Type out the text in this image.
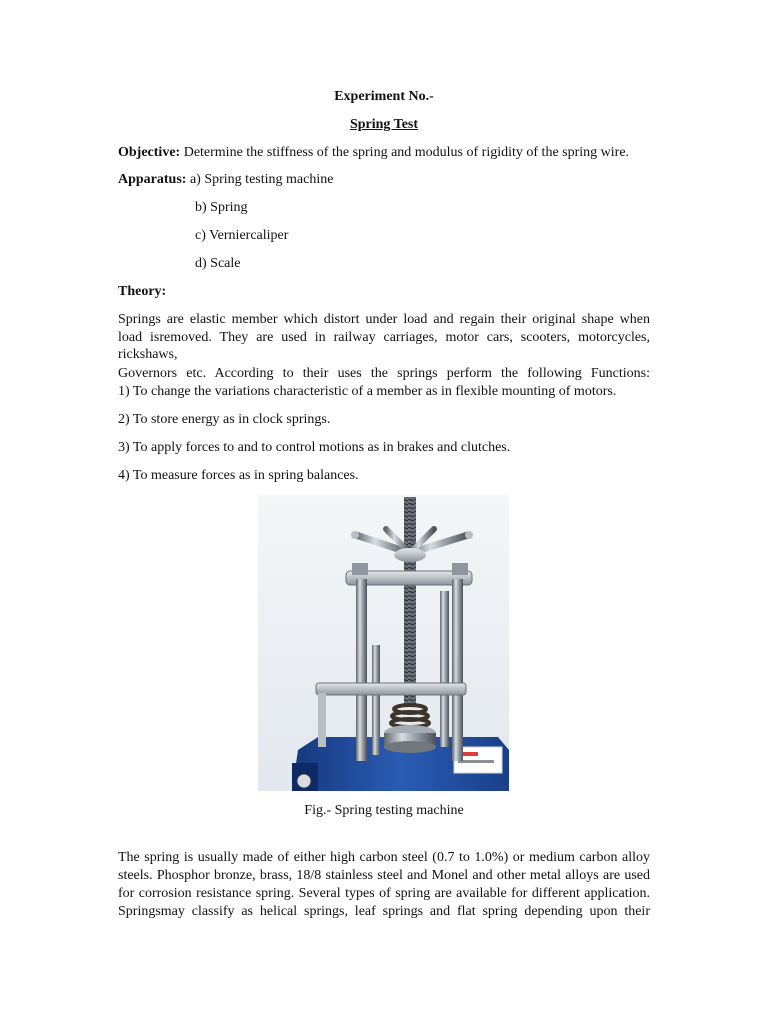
Experiment No.-
Spring Test
Objective: Determine the stiffness of the spring and modulus of rigidity of the spring wire.
Apparatus: a) Spring testing machine
b) Spring
c) Verniercaliper
d) Scale
Theory:
Springs are elastic member which distort under load and regain their original shape when
load isremoved. They are used in railway carriages, motor cars, scooters, motorcycles,
rickshaws,
Governors etc. According to their uses the springs perform the following Functions:
1) To change the variations characteristic of a member as in flexible mounting of motors.
2) To store energy as in clock springs.
3) To apply forces to and to control motions as in brakes and clutches.
4) To measure forces as in spring balances.
Fig.- Spring testing machine
The spring is usually made of either high carbon steel (0.7 to 1.0%) or medium carbon alloy
steels. Phosphor bronze, brass, 18/8 stainless steel and Monel and other metal alloys are used
for corrosion resistance spring. Several types of spring are available for different application.
Springsmay classify as helical springs, leaf springs and flat spring depending upon their
